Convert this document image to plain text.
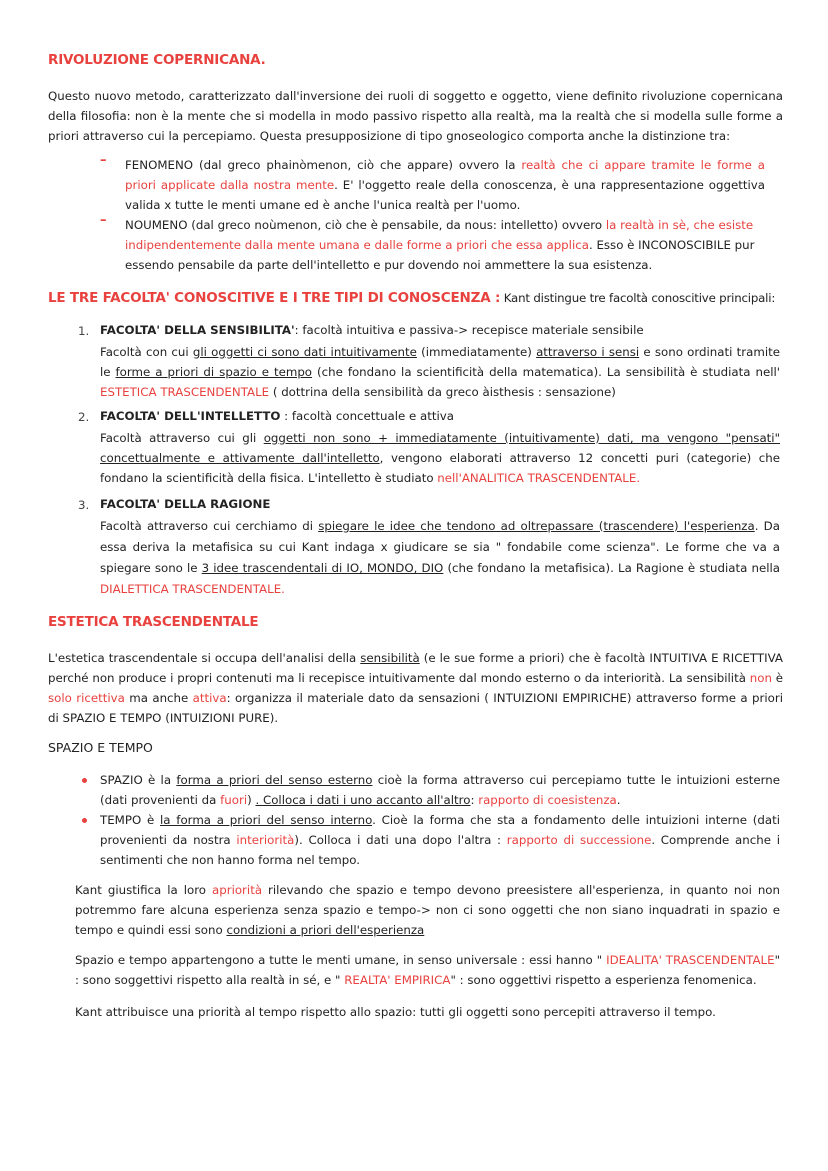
RIVOLUZIONE COPERNICANA.
Questo nuovo metodo, caratterizzato dall'inversione dei ruoli di soggetto e oggetto, viene definito rivoluzione copernicana della filosofia: non è la mente che si modella in modo passivo rispetto alla realtà, ma la realtà che si modella sulle forme a priori attraverso cui la percepiamo. Questa presupposizione di tipo gnoseologico comporta anche la distinzione tra:
– FENOMENO (dal greco phainòmenon, ciò che appare) ovvero la realtà che ci appare tramite le forme a priori applicate dalla nostra mente. E' l'oggetto reale della conoscenza, è una rappresentazione oggettiva valida x tutte le menti umane ed è anche l'unica realtà per l'uomo.
– NOUMENO (dal greco noùmenon, ciò che è pensabile, da nous: intelletto) ovvero la realtà in sè, che esiste indipendentemente dalla mente umana e dalle forme a priori che essa applica. Esso è INCONOSCIBILE pur essendo pensabile da parte dell'intelletto e pur dovendo noi ammettere la sua esistenza.
LE TRE FACOLTA' CONOSCITIVE E I TRE TIPI DI CONOSCENZA : Kant distingue tre facoltà conoscitive principali:
1. FACOLTA' DELLA SENSIBILITA': facoltà intuitiva e passiva-> recepisce materiale sensibile
Facoltà con cui gli oggetti ci sono dati intuitivamente (immediatamente) attraverso i sensi e sono ordinati tramite le forme a priori di spazio e tempo (che fondano la scientificità della matematica). La sensibilità è studiata nell' ESTETICA TRASCENDENTALE ( dottrina della sensibilità da greco àisthesis : sensazione)
2. FACOLTA' DELL'INTELLETTO : facoltà concettuale e attiva
Facoltà attraverso cui gli oggetti non sono + immediatamente (intuitivamente) dati, ma vengono "pensati" concettualmente e attivamente dall'intelletto, vengono elaborati attraverso 12 concetti puri (categorie) che fondano la scientificità della fisica. L'intelletto è studiato nell'ANALITICA TRASCENDENTALE.
3. FACOLTA' DELLA RAGIONE
Facoltà attraverso cui cerchiamo di spiegare le idee che tendono ad oltrepassare (trascendere) l'esperienza. Da essa deriva la metafisica su cui Kant indaga x giudicare se sia " fondabile come scienza". Le forme che va a spiegare sono le 3 idee trascendentali di IO, MONDO, DIO (che fondano la metafisica). La Ragione è studiata nella DIALETTICA TRASCENDENTALE.
ESTETICA TRASCENDENTALE
L'estetica trascendentale si occupa dell'analisi della sensibilità (e le sue forme a priori) che è facoltà INTUITIVA E RICETTIVA perché non produce i propri contenuti ma li recepisce intuitivamente dal mondo esterno o da interiorità. La sensibilità non è solo ricettiva ma anche attiva: organizza il materiale dato da sensazioni ( INTUIZIONI EMPIRICHE) attraverso forme a priori di SPAZIO E TEMPO (INTUIZIONI PURE).
SPAZIO E TEMPO
SPAZIO è la forma a priori del senso esterno cioè la forma attraverso cui percepiamo tutte le intuizioni esterne (dati provenienti da fuori) . Colloca i dati i uno accanto all'altro: rapporto di coesistenza.
TEMPO è la forma a priori del senso interno. Cioè la forma che sta a fondamento delle intuizioni interne (dati provenienti da nostra interiorità). Colloca i dati una dopo l'altra : rapporto di successione. Comprende anche i sentimenti che non hanno forma nel tempo.
Kant giustifica la loro apriorità rilevando che spazio e tempo devono preesistere all'esperienza, in quanto noi non potremmo fare alcuna esperienza senza spazio e tempo-> non ci sono oggetti che non siano inquadrati in spazio e tempo e quindi essi sono condizioni a priori dell'esperienza
Spazio e tempo appartengono a tutte le menti umane, in senso universale : essi hanno " IDEALITA' TRASCENDENTALE" : sono soggettivi rispetto alla realtà in sé, e " REALTA' EMPIRICA" : sono oggettivi rispetto a esperienza fenomenica.
Kant attribuisce una priorità al tempo rispetto allo spazio: tutti gli oggetti sono percepiti attraverso il tempo.
